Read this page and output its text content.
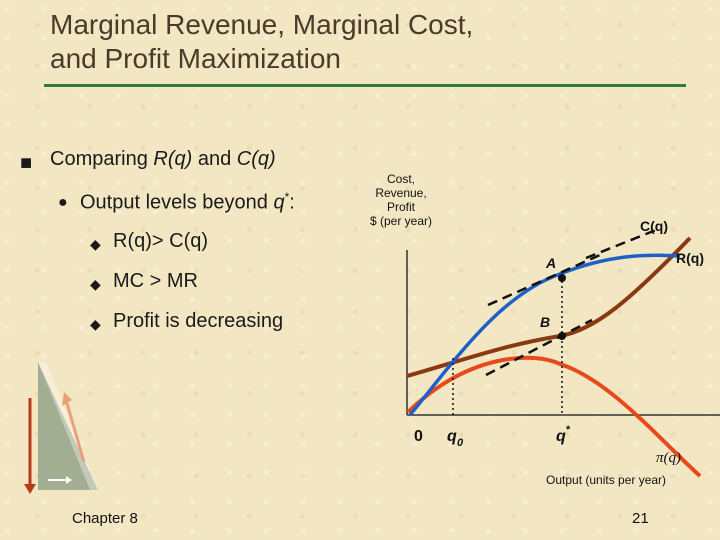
Marginal Revenue, Marginal Cost,
and Profit Maximization
■ Comparing R(q) and C(q)
● Output levels beyond q*:
◆ R(q)> C(q)
◆ MC > MR
◆ Profit is decreasing
Cost,
Revenue,
Profit
$ (per year)	C(q)
R(q)
A
B
0 q 0	q *
π(q)
Output (units per year)
Chapter 8	21
